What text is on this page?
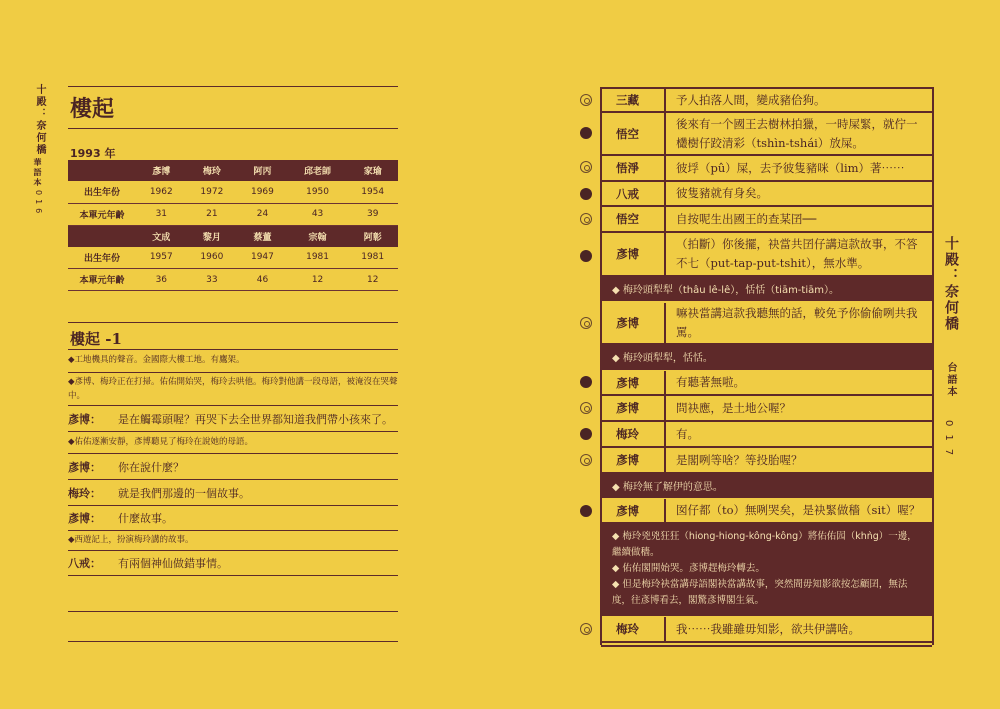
十殿：奈何橋
華語本
016
樓起
1993 年
	彥博	梅玲	阿丙	邱老師	家瑜
出生年份	1962	1972	1969	1950	1954
本單元年齡	31	21	24	43	39
	文成	黎月	蔡董	宗翰	阿彰
出生年份	1957	1960	1947	1981	1981
本單元年齡	36	33	46	12	12
樓起 -1
◆工地機具的聲音。金國際大樓工地。有鷹架。
◆彥博、梅玲正在打掃。佑佑開始哭，梅玲去哄他。梅玲對他講一段母語，被淹沒在哭聲中。
彥博： 是在觸霉頭喔？再哭下去全世界都知道我們帶小孩來了。
◆佑佑逐漸安靜，彥博聽見了梅玲在說她的母語。
彥博： 你在說什麼？
梅玲： 就是我們那邊的一個故事。
彥博： 什麼故事。
◆西遊記上，扮演梅玲講的故事。
八戒： 有兩個神仙做錯事情。
十殿：奈何橋
台語本
017
三藏	予人拍落人間，變成豬佮狗。
悟空
後來有一个國王去樹林拍獵，一時屎緊，就佇一欉樹仔跤清彩（tshìn-tshái）放屎。
悟淨	彼垺（pû）屎，去予彼隻豬咪（lim）著⋯⋯
八戒	彼隻豬就有身矣。
悟空	自按呢生出國王的查某囝──
彥博
（拍斷）你後擺，袂當共囝仔講這款故事，不答不七（put-tap-put-tshit），無水準。
◆ 梅玲頭犁犁（thâu lê-lê），恬恬（tiām-tiām）。
彥博
嘛袂當講這款我聽無的話，較免予你偷偷咧共我罵。
◆ 梅玲頭犁犁，恬恬。
彥博	有聽著無啦。
彥博	問袂應，是土地公喔？
梅玲	有。
彥博	是閣咧等啥？等投胎喔？
◆ 梅玲無了解伊的意思。
彥博	囡仔都（to）無咧哭矣，是袂緊做穡（sit）喔？
◆ 梅玲兇兇狂狂（hiong-hiong-kông-kông）將佑佑囥（khǹg）一邊，繼續做穡。
◆ 佑佑閣開始哭。彥博趕梅玲轉去。
◆ 但是梅玲袂當講母語閣袂當講故事，突然間毋知影欲按怎顧囝，無法度，往彥博看去，閣驚彥博閣生氣。
梅玲	我⋯⋯我雖雖毋知影，欲共伊講啥。
